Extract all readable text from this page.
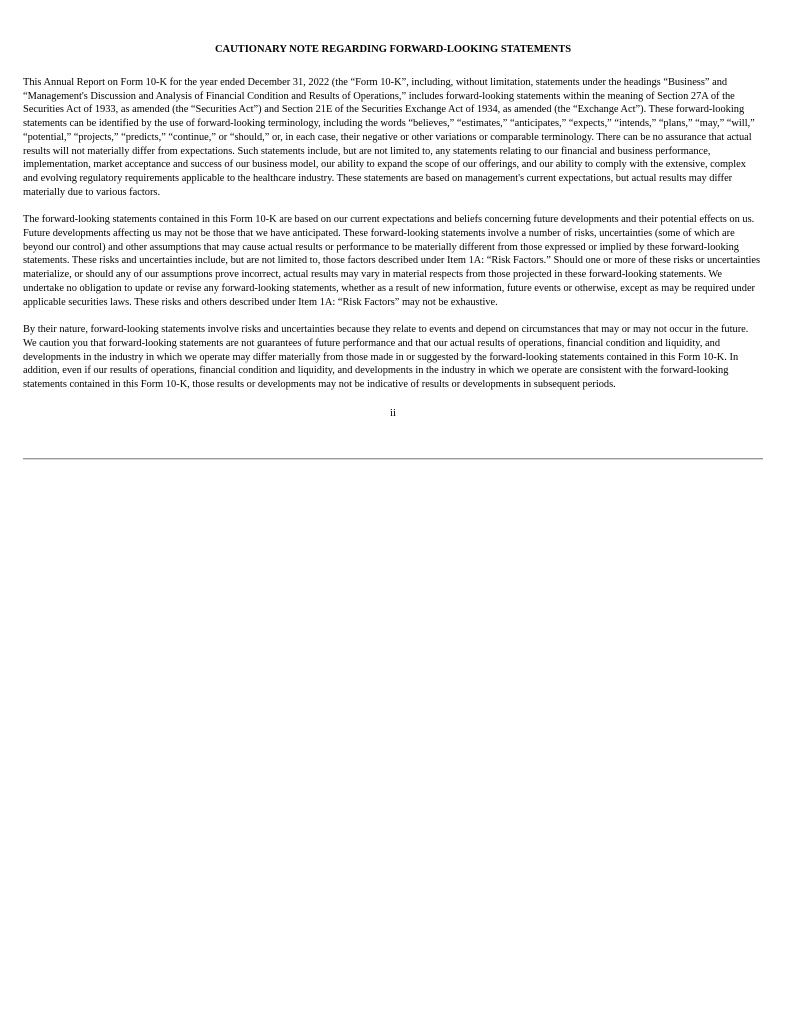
CAUTIONARY NOTE REGARDING FORWARD-LOOKING STATEMENTS

This Annual Report on Form 10-K for the year ended December 31, 2022 (the “Form 10-K”, including, without limitation, statements under the headings “Business” and “Management's Discussion and Analysis of Financial Condition and Results of Operations,” includes forward-looking statements within the meaning of Section 27A of the Securities Act of 1933, as amended (the “Securities Act”) and Section 21E of the Securities Exchange Act of 1934, as amended (the “Exchange Act”). These forward-looking statements can be identified by the use of forward-looking terminology, including the words “believes,” “estimates,” “anticipates,” “expects,” “intends,” “plans,” “may,” “will,” “potential,” “projects,” “predicts,” “continue,” or “should,” or, in each case, their negative or other variations or comparable terminology. There can be no assurance that actual results will not materially differ from expectations. Such statements include, but are not limited to, any statements relating to our financial and business performance, implementation, market acceptance and success of our business model, our ability to expand the scope of our offerings, and our ability to comply with the extensive, complex and evolving regulatory requirements applicable to the healthcare industry. These statements are based on management's current expectations, but actual results may differ materially due to various factors.

The forward-looking statements contained in this Form 10-K are based on our current expectations and beliefs concerning future developments and their potential effects on us. Future developments affecting us may not be those that we have anticipated. These forward-looking statements involve a number of risks, uncertainties (some of which are beyond our control) and other assumptions that may cause actual results or performance to be materially different from those expressed or implied by these forward-looking statements. These risks and uncertainties include, but are not limited to, those factors described under Item 1A: “Risk Factors.” Should one or more of these risks or uncertainties materialize, or should any of our assumptions prove incorrect, actual results may vary in material respects from those projected in these forward-looking statements. We undertake no obligation to update or revise any forward-looking statements, whether as a result of new information, future events or otherwise, except as may be required under applicable securities laws. These risks and others described under Item 1A: “Risk Factors” may not be exhaustive.

By their nature, forward-looking statements involve risks and uncertainties because they relate to events and depend on circumstances that may or may not occur in the future. We caution you that forward-looking statements are not guarantees of future performance and that our actual results of operations, financial condition and liquidity, and developments in the industry in which we operate may differ materially from those made in or suggested by the forward-looking statements contained in this Form 10-K. In addition, even if our results of operations, financial condition and liquidity, and developments in the industry in which we operate are consistent with the forward-looking statements contained in this Form 10-K, those results or developments may not be indicative of results or developments in subsequent periods.

ii
